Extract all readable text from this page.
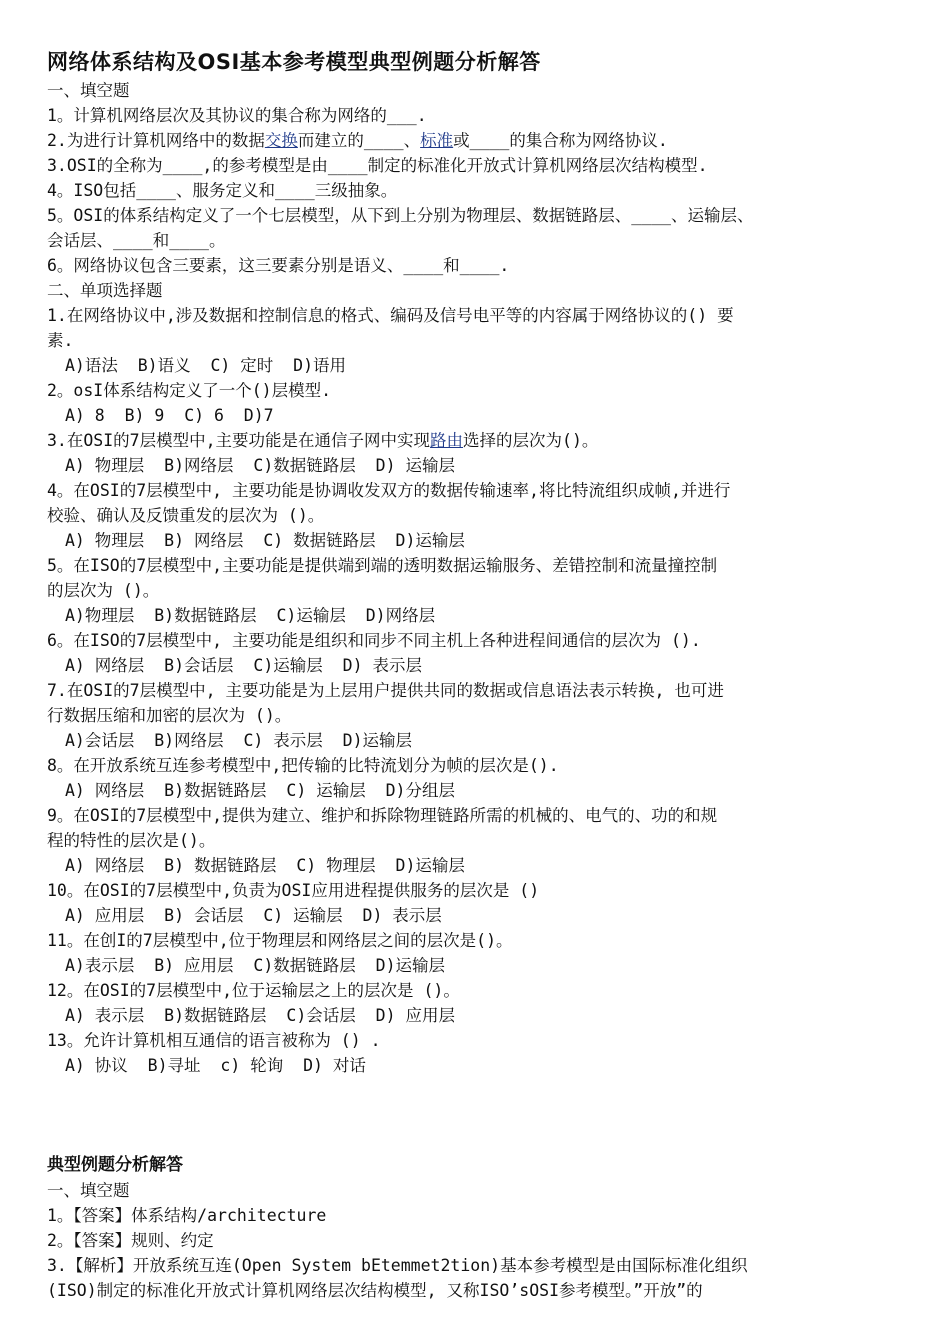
网络体系结构及OSI基本参考模型典型例题分析解答
一、填空题
1。计算机网络层次及其协议的集合称为网络的___.
2.为进行计算机网络中的数据交换而建立的____、标准或____的集合称为网络协议.
3.OSI的全称为____,的参考模型是由____制定的标准化开放式计算机网络层次结构模型.
4。ISO包括____、服务定义和____三级抽象。
5。OSI的体系结构定义了一个七层模型，从下到上分别为物理层、数据链路层、____、运输层、
会话层、____和____。
6。网络协议包含三要素，这三要素分别是语义、____和____.
二、单项选择题
1.在网络协议中,涉及数据和控制信息的格式、编码及信号电平等的内容属于网络协议的() 要
素.
A)语法  B)语义  C) 定时  D)语用
2。osI体系结构定义了一个()层模型.
A) 8  B) 9  C) 6  D)7
3.在OSI的7层模型中,主要功能是在通信子网中实现路由选择的层次为()。
A) 物理层  B)网络层  C)数据链路层  D) 运输层
4。在OSI的7层模型中, 主要功能是协调收发双方的数据传输速率,将比特流组织成帧,并进行
校验、确认及反馈重发的层次为 ()。
A) 物理层  B) 网络层  C) 数据链路层  D)运输层
5。在ISO的7层模型中,主要功能是提供端到端的透明数据运输服务、差错控制和流量撞控制
的层次为 ()。
A)物理层  B)数据链路层  C)运输层  D)网络层
6。在ISO的7层模型中, 主要功能是组织和同步不同主机上各种进程间通信的层次为 ().
A) 网络层  B)会话层  C)运输层  D) 表示层
7.在OSI的7层模型中, 主要功能是为上层用户提供共同的数据或信息语法表示转换, 也可进
行数据压缩和加密的层次为 ()。
A)会话层  B)网络层  C) 表示层  D)运输层
8。在开放系统互连参考模型中,把传输的比特流划分为帧的层次是().
A) 网络层  B)数据链路层  C) 运输层  D)分组层
9。在OSI的7层模型中,提供为建立、维护和拆除物理链路所需的机械的、电气的、功的和规
程的特性的层次是()。
A) 网络层  B) 数据链路层  C) 物理层  D)运输层
10。在OSI的7层模型中,负责为OSI应用进程提供服务的层次是 ()
A) 应用层  B) 会话层  C) 运输层  D) 表示层
11。在创I的7层模型中,位于物理层和网络层之间的层次是()。
A)表示层  B) 应用层  C)数据链路层  D)运输层
12。在OSI的7层模型中,位于运输层之上的层次是 ()。
A) 表示层  B)数据链路层  C)会话层  D) 应用层
13。允许计算机相互通信的语言被称为 () .
A) 协议  B)寻址  c) 轮询  D) 对话
典型例题分析解答
一、填空题
1。【答案】体系结构/architecture
2。【答案】规则、约定
3.【解析】开放系统互连(Open System bEtemmet2tion)基本参考模型是由国际标准化组织
(ISO)制定的标准化开放式计算机网络层次结构模型, 又称ISO’sOSI参考模型。”开放”的
